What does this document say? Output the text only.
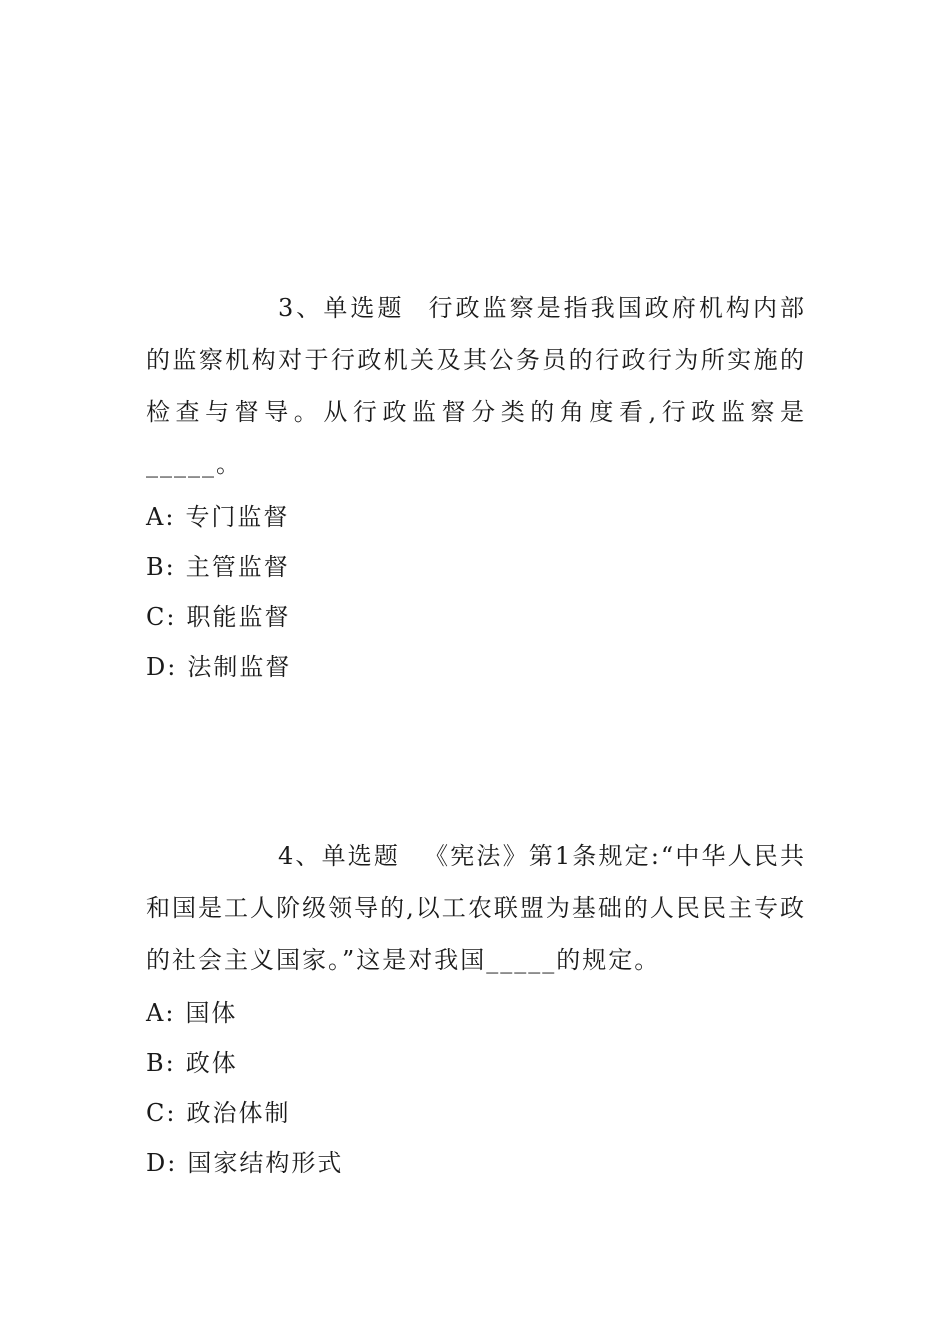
3、单选题 行政监察是指我国政府机构内部的监察机构对于行政机关及其公务员的行政行为所实施的检查与督导。从行政监督分类的角度看,行政监察是_____。

A: 专门监督
B: 主管监督
C: 职能监督
D: 法制监督

4、单选题 《宪法》第1条规定:“中华人民共和国是工人阶级领导的,以工农联盟为基础的人民民主专政的社会主义国家。”这是对我国_____的规定。

A: 国体
B: 政体
C: 政治体制
D: 国家结构形式
